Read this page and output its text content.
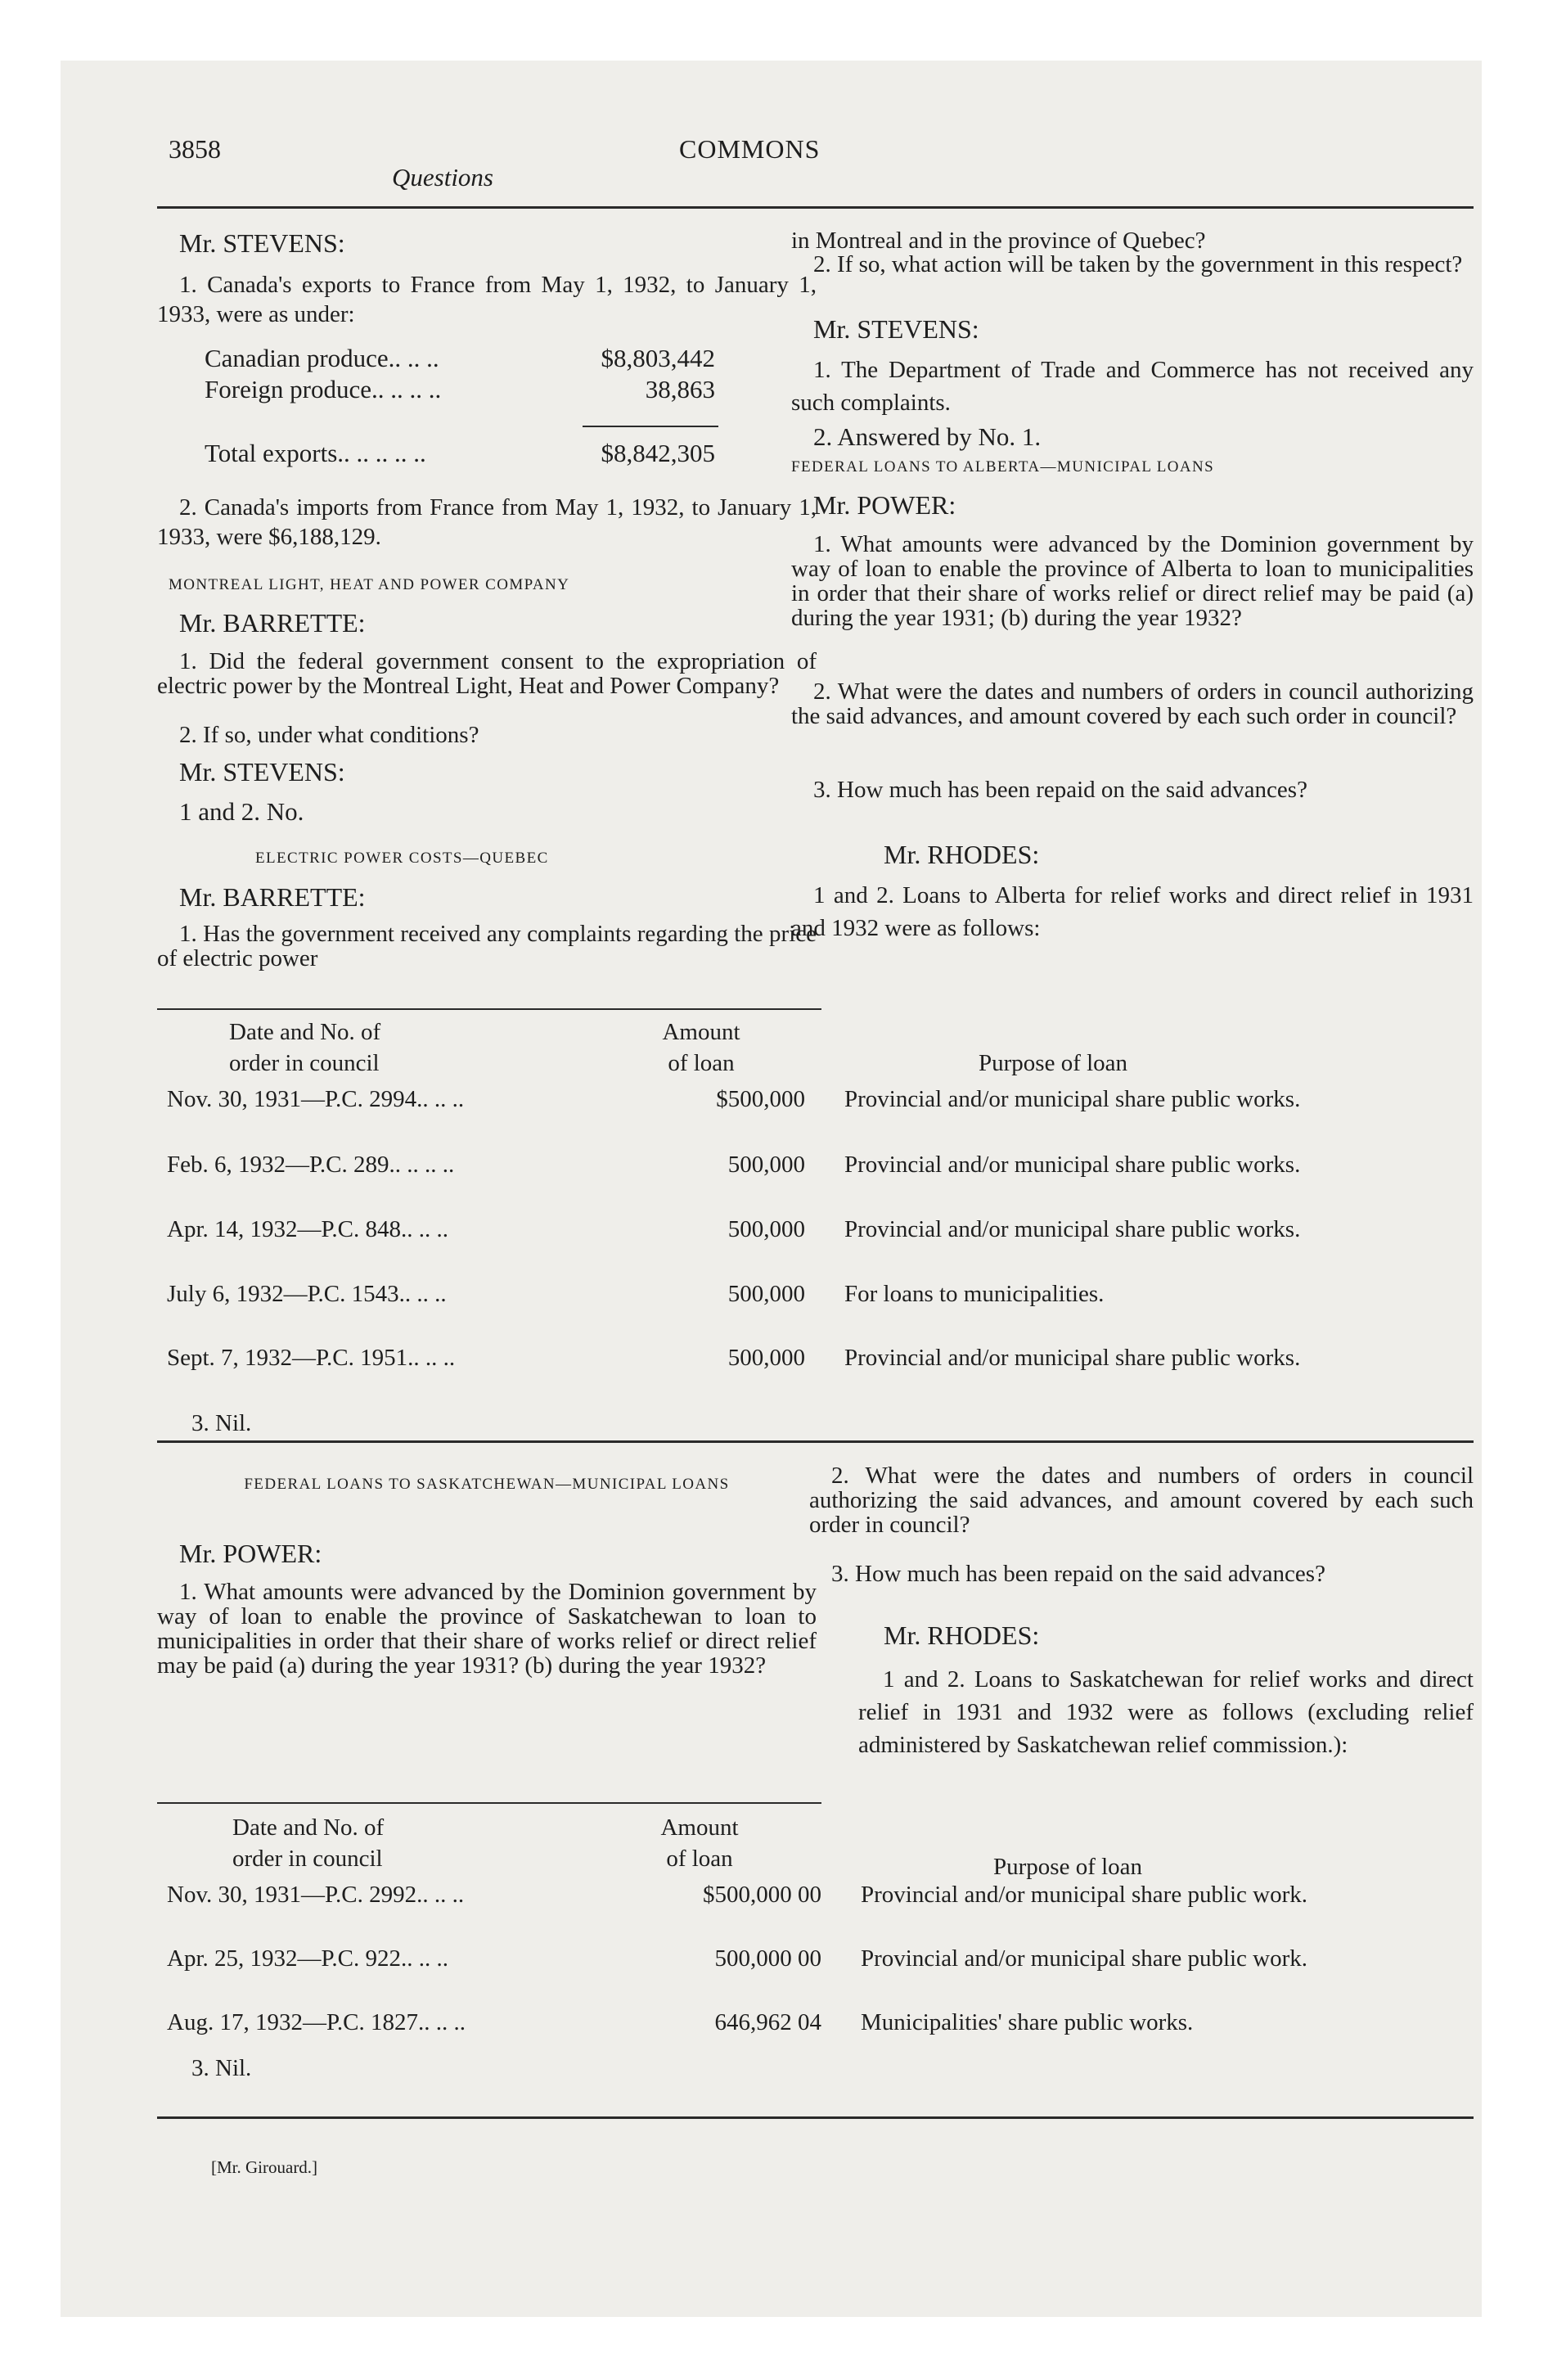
3858	COMMONS
Questions
Mr. STEVENS:
1. Canada's exports to France from May 1, 1932, to January 1, 1933, were as under:
Canadian produce.. .. ..	$8,803,442
Foreign produce.. .. .. ..	38,863
Total exports.. .. .. .. ..	$8,842,305
2. Canada's imports from France from May 1, 1932, to January 1, 1933, were $6,188,129.
MONTREAL LIGHT, HEAT AND POWER COMPANY
Mr. BARRETTE:
1. Did the federal government consent to the expropriation of electric power by the Montreal Light, Heat and Power Company?
2. If so, under what conditions?
Mr. STEVENS:
1 and 2. No.
ELECTRIC POWER COSTS—QUEBEC
Mr. BARRETTE:
1. Has the government received any complaints regarding the price of electric power
in Montreal and in the province of Quebec?
2. If so, what action will be taken by the government in this respect?
Mr. STEVENS:
1. The Department of Trade and Commerce has not received any such complaints.
2. Answered by No. 1.
FEDERAL LOANS TO ALBERTA—MUNICIPAL LOANS
Mr. POWER:
1. What amounts were advanced by the Dominion government by way of loan to enable the province of Alberta to loan to municipalities in order that their share of works relief or direct relief may be paid (a) during the year 1931; (b) during the year 1932?
2. What were the dates and numbers of orders in council authorizing the said advances, and amount covered by each such order in council?
3. How much has been repaid on the said advances?
Mr. RHODES:
1 and 2. Loans to Alberta for relief works and direct relief in 1931 and 1932 were as follows:
Date and No. of
order in council
Amount
of loan	Purpose of loan
Nov. 30, 1931—P.C. 2994.. .. ..	$500,000 Provincial and/or municipal share public works.
Feb. 6, 1932—P.C. 289.. .. .. ..	500,000 Provincial and/or municipal share public works.
Apr. 14, 1932—P.C. 848.. .. ..	500,000 Provincial and/or municipal share public works.
July 6, 1932—P.C. 1543.. .. ..	500,000 For loans to municipalities.
Sept. 7, 1932—P.C. 1951.. .. ..	500,000 Provincial and/or municipal share public works.
3. Nil.
FEDERAL LOANS TO SASKATCHEWAN—MUNICIPAL LOANS
Mr. POWER:
1. What amounts were advanced by the Dominion government by way of loan to enable the province of Saskatchewan to loan to municipalities in order that their share of works relief or direct relief may be paid (a) during the year 1931? (b) during the year 1932?
2. What were the dates and numbers of orders in council authorizing the said advances, and amount covered by each such order in council?
3. How much has been repaid on the said advances?
Mr. RHODES:
1 and 2. Loans to Saskatchewan for relief works and direct relief in 1931 and 1932 were as follows (excluding relief administered by Saskatchewan relief commission.):
Date and No. of
order in council
Amount
of loan	Purpose of loan
Nov. 30, 1931—P.C. 2992.. .. ..	$500,000 00 Provincial and/or municipal share public work.
Apr. 25, 1932—P.C. 922.. .. ..	500,000 00 Provincial and/or municipal share public work.
Aug. 17, 1932—P.C. 1827.. .. ..	646,962 04 Municipalities' share public works.
3. Nil.
[Mr. Girouard.]
